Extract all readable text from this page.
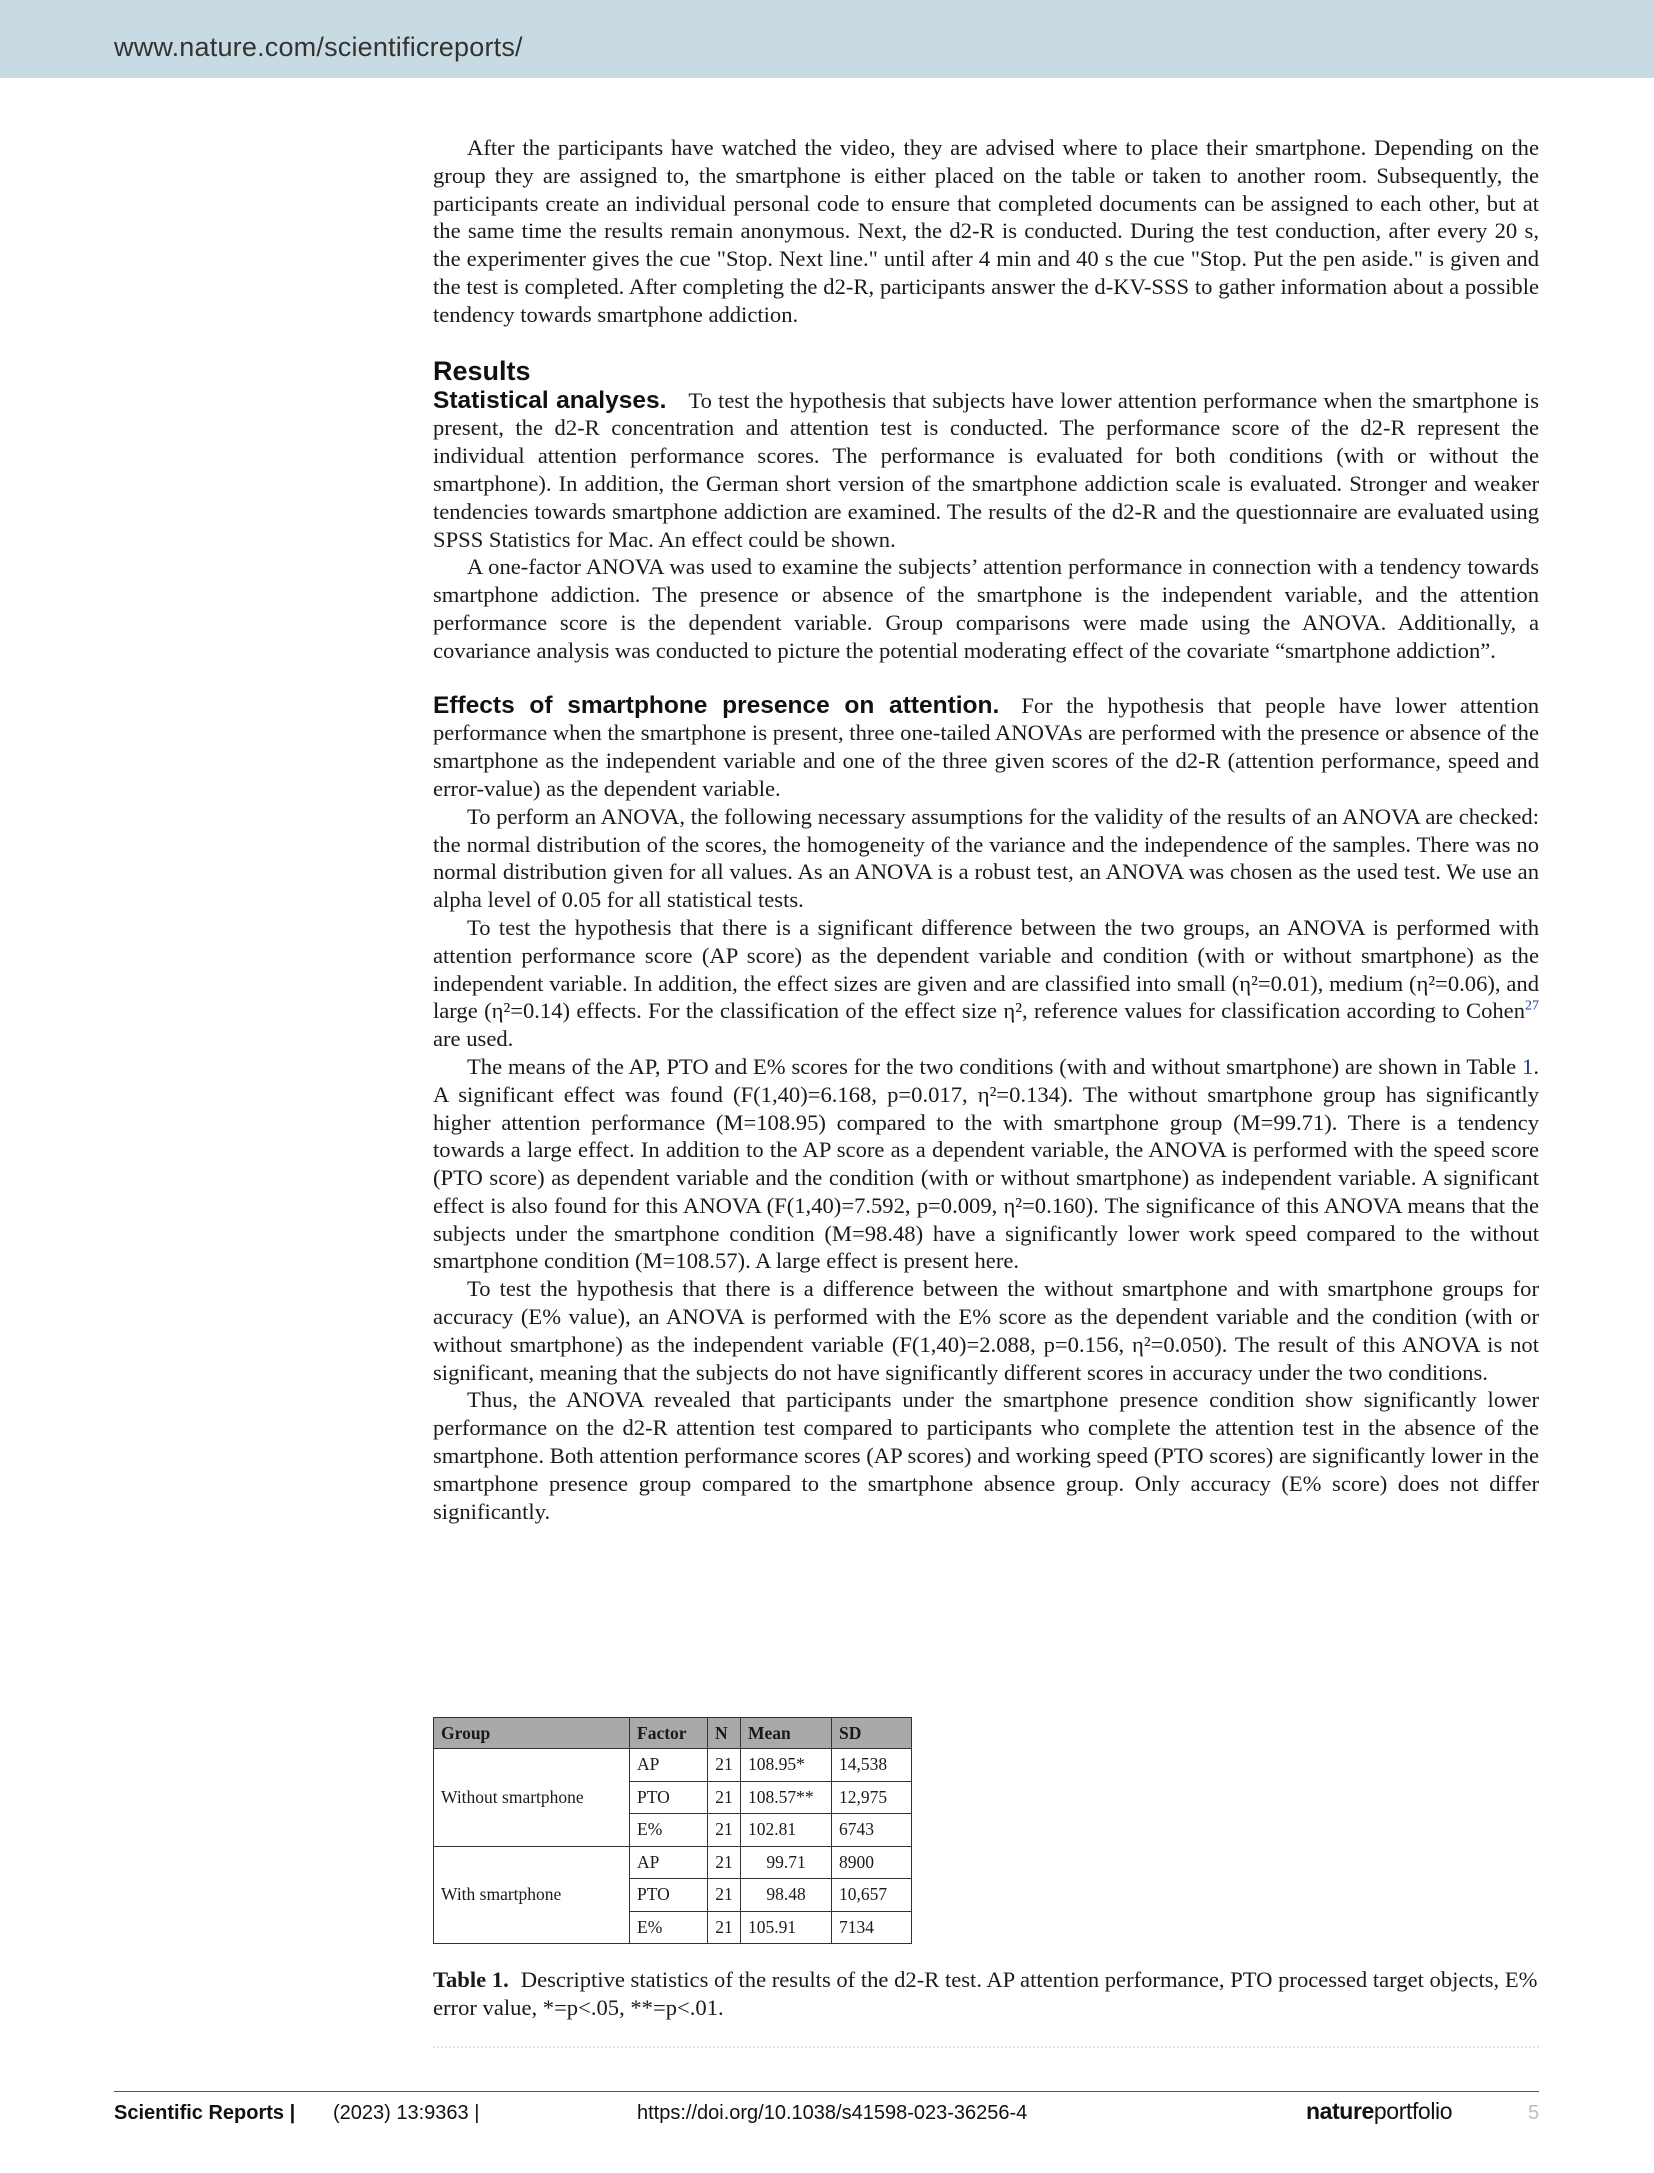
www.nature.com/scientificreports/

After the participants have watched the video, they are advised where to place their smartphone. Depending on the group they are assigned to, the smartphone is either placed on the table or taken to another room. Subsequently, the participants create an individual personal code to ensure that completed documents can be assigned to each other, but at the same time the results remain anonymous. Next, the d2-R is conducted. During the test conduction, after every 20 s, the experimenter gives the cue "Stop. Next line." until after 4 min and 40 s the cue "Stop. Put the pen aside." is given and the test is completed. After completing the d2-R, participants answer the d-KV-SSS to gather information about a possible tendency towards smartphone addiction.

Results

Statistical analyses. To test the hypothesis that subjects have lower attention performance when the smartphone is present, the d2-R concentration and attention test is conducted. The performance score of the d2-R represent the individual attention performance scores. The performance is evaluated for both conditions (with or without the smartphone). In addition, the German short version of the smartphone addiction scale is evaluated. Stronger and weaker tendencies towards smartphone addiction are examined. The results of the d2-R and the questionnaire are evaluated using SPSS Statistics for Mac. An effect could be shown.

A one-factor ANOVA was used to examine the subjects’ attention performance in connection with a tendency towards smartphone addiction. The presence or absence of the smartphone is the independent variable, and the attention performance score is the dependent variable. Group comparisons were made using the ANOVA. Additionally, a covariance analysis was conducted to picture the potential moderating effect of the covariate “smartphone addiction”.

Effects of smartphone presence on attention. For the hypothesis that people have lower attention performance when the smartphone is present, three one-tailed ANOVAs are performed with the presence or absence of the smartphone as the independent variable and one of the three given scores of the d2-R (attention performance, speed and error-value) as the dependent variable.

To perform an ANOVA, the following necessary assumptions for the validity of the results of an ANOVA are checked: the normal distribution of the scores, the homogeneity of the variance and the independence of the samples. There was no normal distribution given for all values. As an ANOVA is a robust test, an ANOVA was chosen as the used test. We use an alpha level of 0.05 for all statistical tests.

To test the hypothesis that there is a significant difference between the two groups, an ANOVA is performed with attention performance score (AP score) as the dependent variable and condition (with or without smartphone) as the independent variable. In addition, the effect sizes are given and are classified into small (η²=0.01), medium (η²=0.06), and large (η²=0.14) effects. For the classification of the effect size η², reference values for classification according to Cohen$^{27}$ are used.

The means of the AP, PTO and E% scores for the two conditions (with and without smartphone) are shown in Table 1. A significant effect was found (F(1,40)=6.168, p=0.017, η²=0.134). The without smartphone group has significantly higher attention performance (M=108.95) compared to the with smartphone group (M=99.71). There is a tendency towards a large effect. In addition to the AP score as a dependent variable, the ANOVA is performed with the speed score (PTO score) as dependent variable and the condition (with or without smartphone) as independent variable. A significant effect is also found for this ANOVA (F(1,40)=7.592, p=0.009, η²=0.160). The significance of this ANOVA means that the subjects under the smartphone condition (M=98.48) have a significantly lower work speed compared to the without smartphone condition (M=108.57). A large effect is present here.

To test the hypothesis that there is a difference between the without smartphone and with smartphone groups for accuracy (E% value), an ANOVA is performed with the E% score as the dependent variable and the condition (with or without smartphone) as the independent variable (F(1,40)=2.088, p=0.156, η²=0.050). The result of this ANOVA is not significant, meaning that the subjects do not have significantly different scores in accuracy under the two conditions.

Thus, the ANOVA revealed that participants under the smartphone presence condition show significantly lower performance on the d2-R attention test compared to participants who complete the attention test in the absence of the smartphone. Both attention performance scores (AP scores) and working speed (PTO scores) are significantly lower in the smartphone presence group compared to the smartphone absence group. Only accuracy (E% score) does not differ significantly.

Group	Factor	N	Mean	SD
Without smartphone	AP	21	108.95*	14,538
	PTO	21	108.57**	12,975
	E%	21	102.81	6743
With smartphone	AP	21	99.71	8900
	PTO	21	98.48	10,657
	E%	21	105.91	7134
Table 1. Descriptive statistics of the results of the d2-R test. AP attention performance, PTO processed target objects, E% error value, *=p<.05, **=p<.01.
Scientific Reports | (2023) 13:9363 |	https://doi.org/10.1038/s41598-023-36256-4	natureportfolio	5
